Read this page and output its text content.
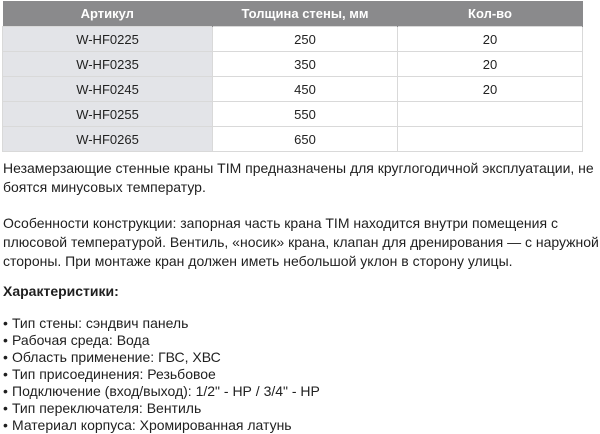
Артикул	Толщина стены, мм	Кол-во
W-HF0225	250	20
W-HF0235	350	20
W-HF0245	450	20
W-HF0255	550	
W-HF0265	650	

Незамерзающие стенные краны TIM предназначены для круглогодичной эксплуатации, не боятся минусовых температур.

Особенности конструкции: запорная часть крана TIM находится внутри помещения с плюсовой температурой. Вентиль, «носик» крана, клапан для дренирования — с наружной стороны. При монтаже кран должен иметь небольшой уклон в сторону улицы.

Характеристики:
• Тип стены: сэндвич панель
• Рабочая среда: Вода
• Область применение: ГВС, ХВС
• Тип присоединения: Резьбовое
• Подключение (вход/выход): 1/2" - НР / 3/4" - НР
• Тип переключателя: Вентиль
• Материал корпуса: Хромированная латунь
